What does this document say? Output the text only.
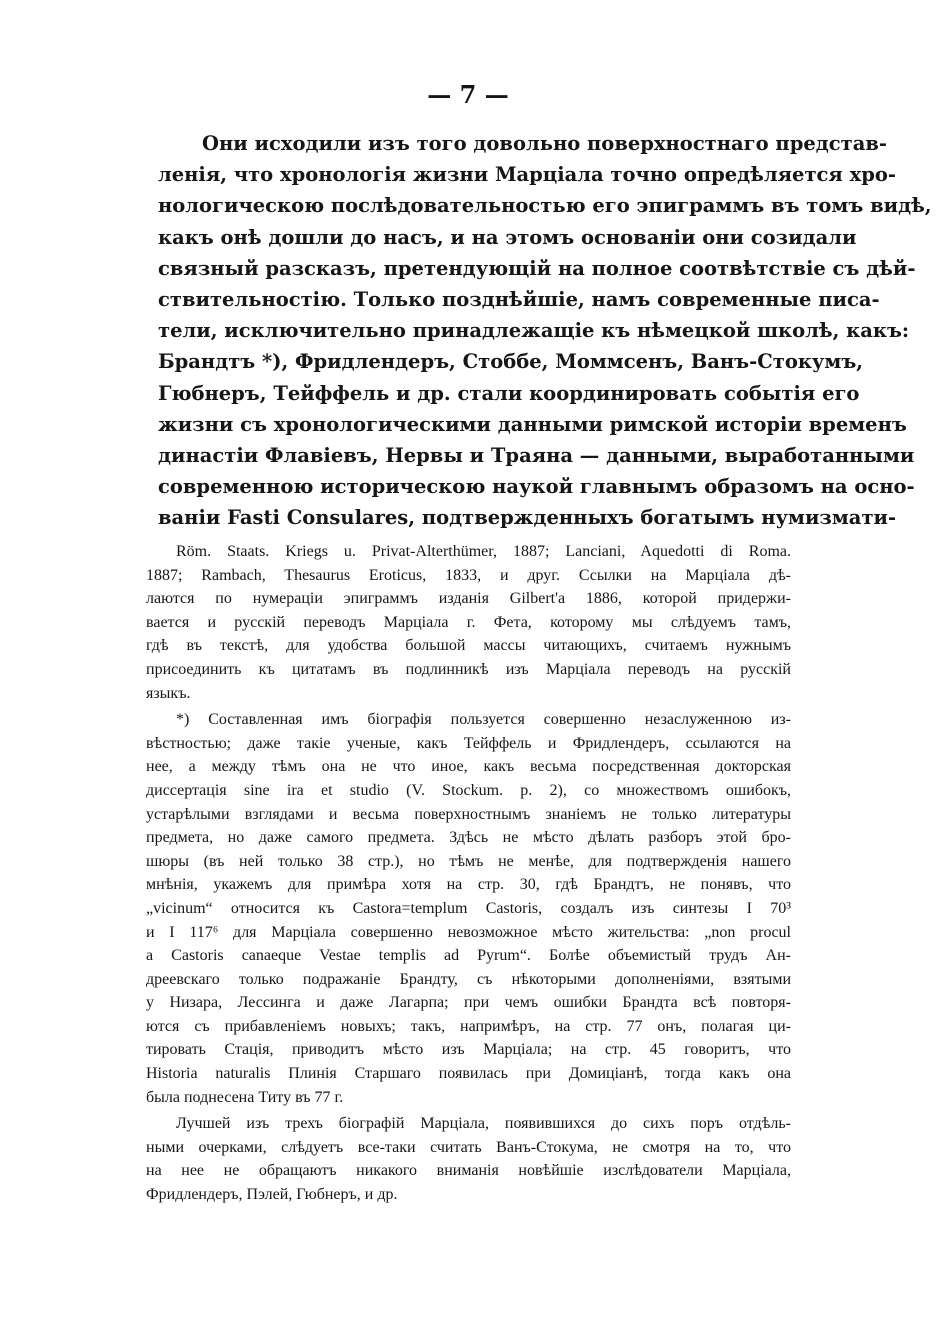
— 7 —
Они исходили изъ того довольно поверхностнаго представ-
ленія, что хронологія жизни Марціала точно опредѣляется хро-
нологическою послѣдовательностью его эпиграммъ въ томъ видѣ,
какъ онѣ дошли до насъ, и на этомъ основаніи они созидали
связный разсказъ, претендующій на полное соотвѣтствіе съ дѣй-
ствительностію. Только позднѣйшіе, намъ современные писа-
тели, исключительно принадлежащіе къ нѣмецкой школѣ, какъ:
Брандтъ *), Фридлендеръ, Стоббе, Моммсенъ, Ванъ-Стокумъ,
Гюбнеръ, Тейффель и др. стали координировать событія его
жизни съ хронологическими данными римской исторіи временъ
династіи Флавіевъ, Нервы и Траяна — данными, выработанными
современною историческою наукой главнымъ образомъ на осно-
ваніи Fasti Consulares, подтвержденныхъ богатымъ нумизмати-
Röm. Staats. Kriegs u. Privat-Alterthümer, 1887; Lanciani, Aquedotti di Roma.
1887; Rambach, Thesaurus Eroticus, 1833, и друг. Ссылки на Марціала дѣ-
лаются по нумераціи эпиграммъ изданія Gilbert'a 1886, которой придержи-
вается и русскій переводъ Марціала г. Фета, которому мы слѣдуемъ тамъ,
гдѣ въ текстѣ, для удобства большой массы читающихъ, считаемъ нужнымъ
присоединить къ цитатамъ въ подлинникѣ изъ Марціала переводъ на русскій
языкъ.
*) Составленная имъ біографія пользуется совершенно незаслуженною из-
вѣстностью; даже такіе ученые, какъ Тейффель и Фридлендеръ, ссылаются на
нее, а между тѣмъ она не что иное, какъ весьма посредственная докторская
диссертація sine ira et studio (V. Stockum. p. 2), со множествомъ ошибокъ,
устарѣлыми взглядами и весьма поверхностнымъ знаніемъ не только литературы
предмета, но даже самого предмета. Здѣсь не мѣсто дѣлать разборъ этой бро-
шюры (въ ней только 38 стр.), но тѣмъ не менѣе, для подтвержденія нашего
мнѣнія, укажемъ для примѣра хотя на стр. 30, гдѣ Брандтъ, не понявъ, что
„vicinum“ относится къ Castora=templum Castoris, создалъ изъ синтезы I 70³
и I 117⁶ для Марціала совершенно невозможное мѣсто жительства: „non procul
a Castoris canaeque Vestae templis ad Pyrum“. Болѣе объемистый трудъ Ан-
дреевскаго только подражаніе Брандту, съ нѣкоторыми дополненіями, взятыми
у Низара, Лессинга и даже Лагарпа; при чемъ ошибки Брандта всѣ повторя-
ются съ прибавленіемъ новыхъ; такъ, напримѣръ, на стр. 77 онъ, полагая ци-
тировать Стація, приводитъ мѣсто изъ Марціала; на стр. 45 говоритъ, что
Historia naturalis Плинія Старшаго появилась при Домиціанѣ, тогда какъ она
была поднесена Титу въ 77 г.
Лучшей изъ трехъ біографій Марціала, появившихся до сихъ поръ отдѣль-
ными очерками, слѣдуетъ все-таки считать Ванъ-Стокума, не смотря на то, что
на нее не обращаютъ никакого вниманія новѣйшіе изслѣдователи Марціала,
Фридлендеръ, Пэлей, Гюбнеръ, и др.
